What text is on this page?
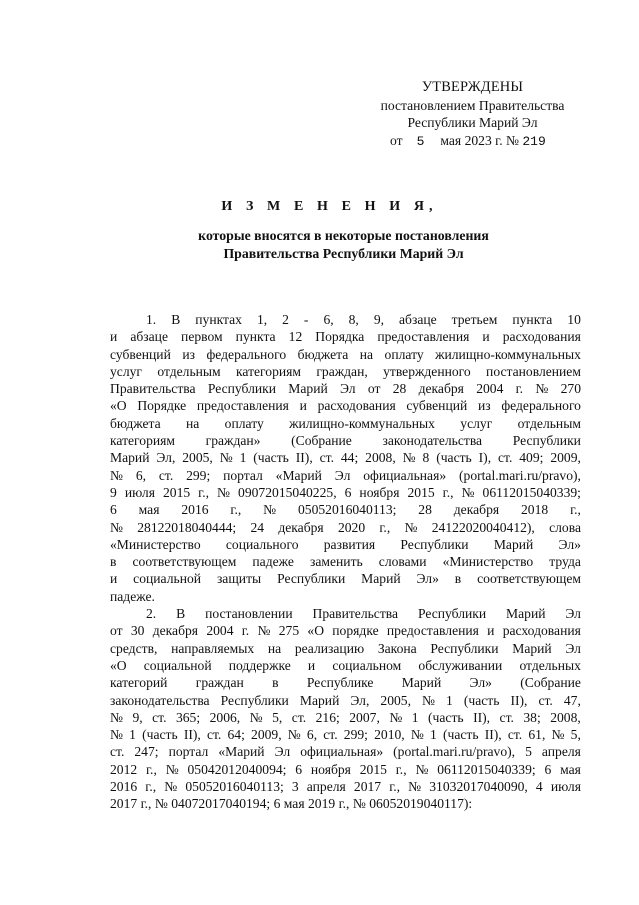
УТВЕРЖДЕНЫ
постановлением Правительства
Республики Марий Эл
от 5 мая 2023 г. № 219
И З М Е Н Е Н И Я,
которые вносятся в некоторые постановления
Правительства Республики Марий Эл
1. В пунктах 1, 2 - 6, 8, 9, абзаце третьем пункта 10
и абзаце первом пункта 12 Порядка предоставления и расходования
субвенций из федерального бюджета на оплату жилищно-коммунальных
услуг отдельным категориям граждан, утвержденного постановлением
Правительства Республики Марий Эл от 28 декабря 2004 г. № 270
«О Порядке предоставления и расходования субвенций из федерального
бюджета на оплату жилищно-коммунальных услуг отдельным
категориям граждан» (Собрание законодательства Республики
Марий Эл, 2005, № 1 (часть II), ст. 44; 2008, № 8 (часть I), ст. 409; 2009,
№ 6, ст. 299; портал «Марий Эл официальная» (portal.mari.ru/pravo),
9 июля 2015 г., № 09072015040225, 6 ноября 2015 г., № 06112015040339;
6 мая 2016 г., № 05052016040113; 28 декабря 2018 г.,
№ 28122018040444; 24 декабря 2020 г., № 24122020040412), слова
«Министерство социального развития Республики Марий Эл»
в соответствующем падеже заменить словами «Министерство труда
и социальной защиты Республики Марий Эл» в соответствующем
падеже.
2. В постановлении Правительства Республики Марий Эл
от 30 декабря 2004 г. № 275 «О порядке предоставления и расходования
средств, направляемых на реализацию Закона Республики Марий Эл
«О социальной поддержке и социальном обслуживании отдельных
категорий граждан в Республике Марий Эл» (Собрание
законодательства Республики Марий Эл, 2005, № 1 (часть II), ст. 47,
№ 9, ст. 365; 2006, № 5, ст. 216; 2007, № 1 (часть II), ст. 38; 2008,
№ 1 (часть II), ст. 64; 2009, № 6, ст. 299; 2010, № 1 (часть II), ст. 61, № 5,
ст. 247; портал «Марий Эл официальная» (portal.mari.ru/pravo), 5 апреля
2012 г., № 05042012040094; 6 ноября 2015 г., № 06112015040339; 6 мая
2016 г., № 05052016040113; 3 апреля 2017 г., № 31032017040090, 4 июля
2017 г., № 04072017040194; 6 мая 2019 г., № 06052019040117):
